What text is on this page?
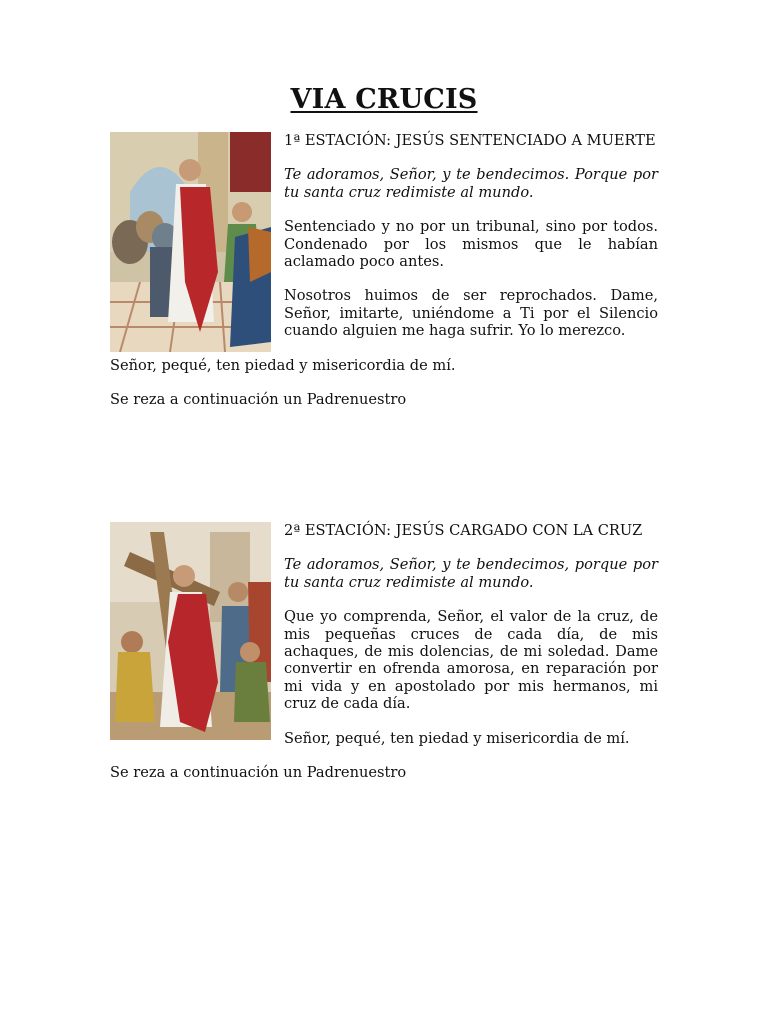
VIA CRUCIS

1ª ESTACIÓN: JESÚS SENTENCIADO A MUERTE

Te adoramos, Señor, y te bendecimos. Porque por tu santa cruz redimiste al mundo.

Sentenciado y no por un tribunal, sino por todos. Condenado por los mismos que le habían aclamado poco antes.

Nosotros huimos de ser reprochados. Dame, Señor, imitarte, uniéndome a Ti por el Silencio cuando alguien me haga sufrir. Yo lo merezco.

Señor, pequé, ten piedad y misericordia de mí.

Se reza a continuación un Padrenuestro

2ª ESTACIÓN: JESÚS CARGADO CON LA CRUZ

Te adoramos, Señor, y te bendecimos, porque por tu santa cruz redimiste al mundo.

Que yo comprenda, Señor, el valor de la cruz, de mis pequeñas cruces de cada día, de mis achaques, de mis dolencias, de mi soledad. Dame convertir en ofrenda amorosa, en reparación por mi vida y en apostolado por mis hermanos, mi cruz de cada día.

Señor, pequé, ten piedad y misericordia de mí.

Se reza a continuación un Padrenuestro
